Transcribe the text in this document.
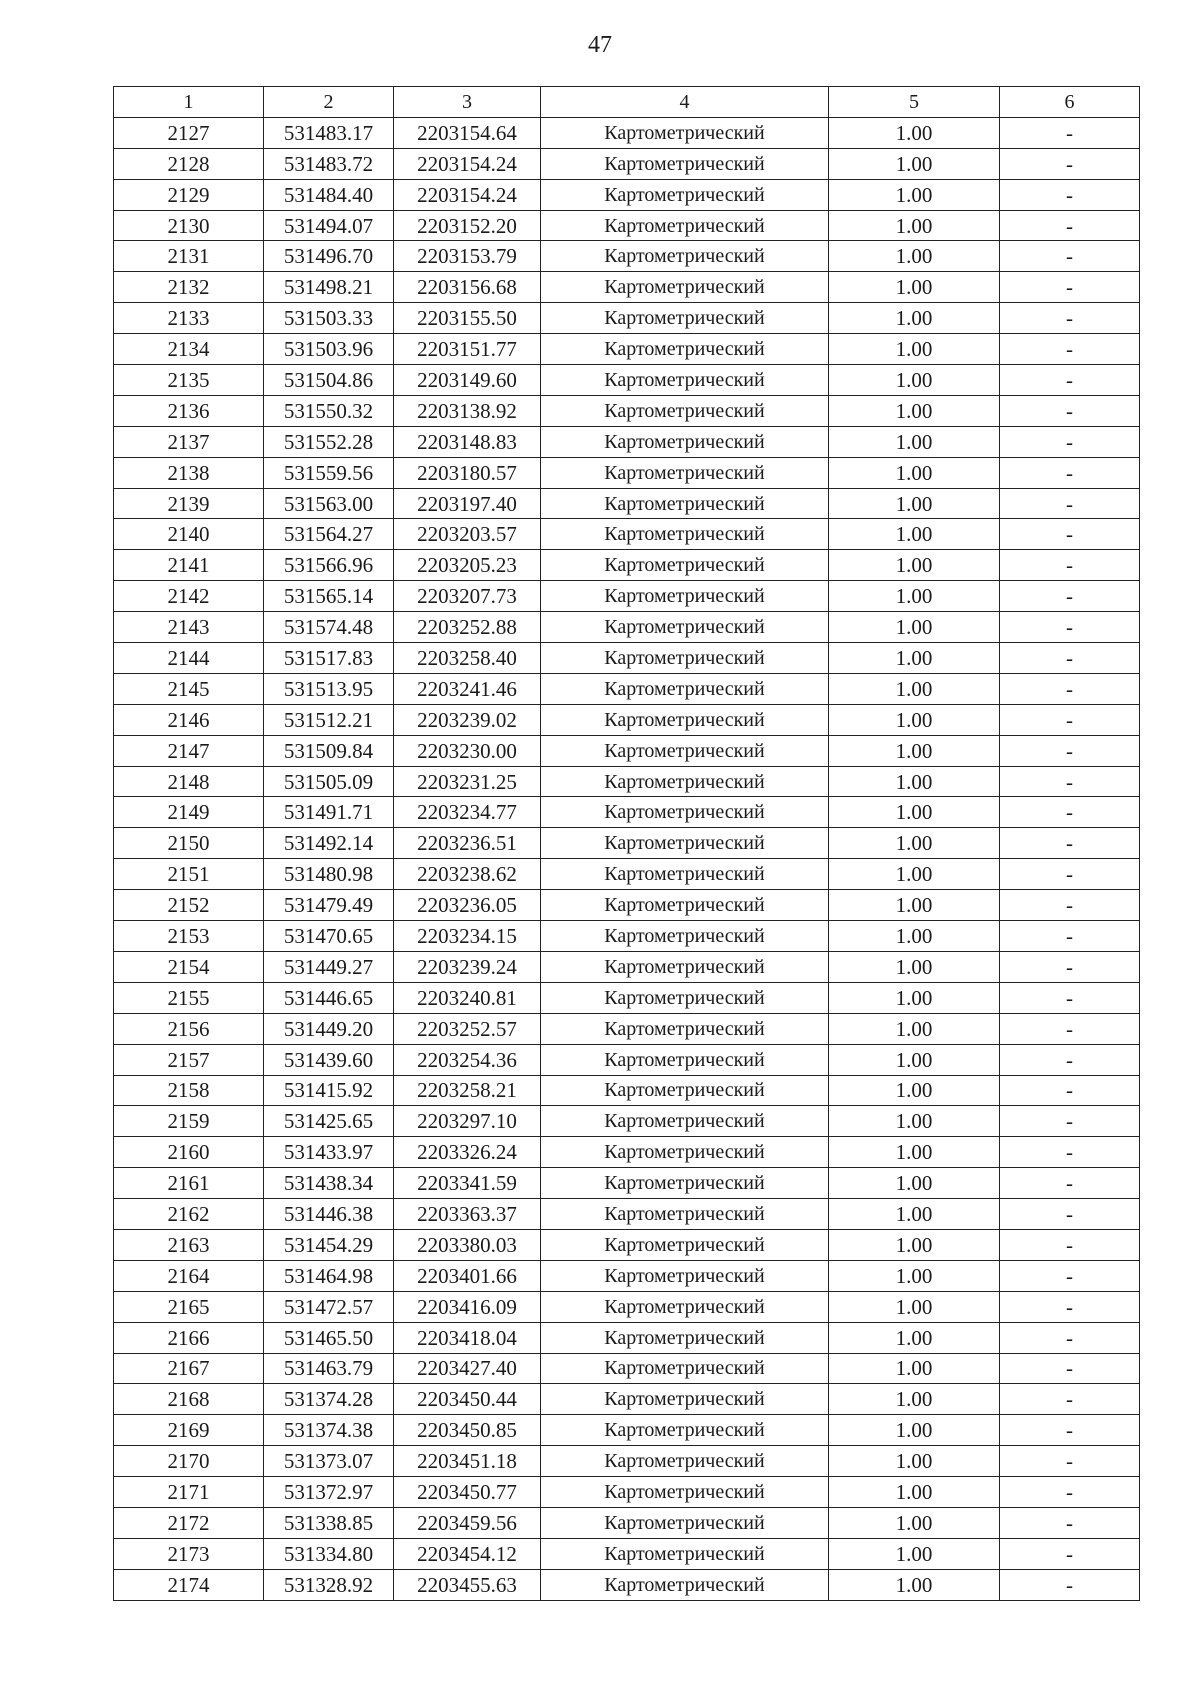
47
1	2	3	4	5	6
2127	531483.17	2203154.64	Картометрический	1.00	-
2128	531483.72	2203154.24	Картометрический	1.00	-
2129	531484.40	2203154.24	Картометрический	1.00	-
2130	531494.07	2203152.20	Картометрический	1.00	-
2131	531496.70	2203153.79	Картометрический	1.00	-
2132	531498.21	2203156.68	Картометрический	1.00	-
2133	531503.33	2203155.50	Картометрический	1.00	-
2134	531503.96	2203151.77	Картометрический	1.00	-
2135	531504.86	2203149.60	Картометрический	1.00	-
2136	531550.32	2203138.92	Картометрический	1.00	-
2137	531552.28	2203148.83	Картометрический	1.00	-
2138	531559.56	2203180.57	Картометрический	1.00	-
2139	531563.00	2203197.40	Картометрический	1.00	-
2140	531564.27	2203203.57	Картометрический	1.00	-
2141	531566.96	2203205.23	Картометрический	1.00	-
2142	531565.14	2203207.73	Картометрический	1.00	-
2143	531574.48	2203252.88	Картометрический	1.00	-
2144	531517.83	2203258.40	Картометрический	1.00	-
2145	531513.95	2203241.46	Картометрический	1.00	-
2146	531512.21	2203239.02	Картометрический	1.00	-
2147	531509.84	2203230.00	Картометрический	1.00	-
2148	531505.09	2203231.25	Картометрический	1.00	-
2149	531491.71	2203234.77	Картометрический	1.00	-
2150	531492.14	2203236.51	Картометрический	1.00	-
2151	531480.98	2203238.62	Картометрический	1.00	-
2152	531479.49	2203236.05	Картометрический	1.00	-
2153	531470.65	2203234.15	Картометрический	1.00	-
2154	531449.27	2203239.24	Картометрический	1.00	-
2155	531446.65	2203240.81	Картометрический	1.00	-
2156	531449.20	2203252.57	Картометрический	1.00	-
2157	531439.60	2203254.36	Картометрический	1.00	-
2158	531415.92	2203258.21	Картометрический	1.00	-
2159	531425.65	2203297.10	Картометрический	1.00	-
2160	531433.97	2203326.24	Картометрический	1.00	-
2161	531438.34	2203341.59	Картометрический	1.00	-
2162	531446.38	2203363.37	Картометрический	1.00	-
2163	531454.29	2203380.03	Картометрический	1.00	-
2164	531464.98	2203401.66	Картометрический	1.00	-
2165	531472.57	2203416.09	Картометрический	1.00	-
2166	531465.50	2203418.04	Картометрический	1.00	-
2167	531463.79	2203427.40	Картометрический	1.00	-
2168	531374.28	2203450.44	Картометрический	1.00	-
2169	531374.38	2203450.85	Картометрический	1.00	-
2170	531373.07	2203451.18	Картометрический	1.00	-
2171	531372.97	2203450.77	Картометрический	1.00	-
2172	531338.85	2203459.56	Картометрический	1.00	-
2173	531334.80	2203454.12	Картометрический	1.00	-
2174	531328.92	2203455.63	Картометрический	1.00	-
